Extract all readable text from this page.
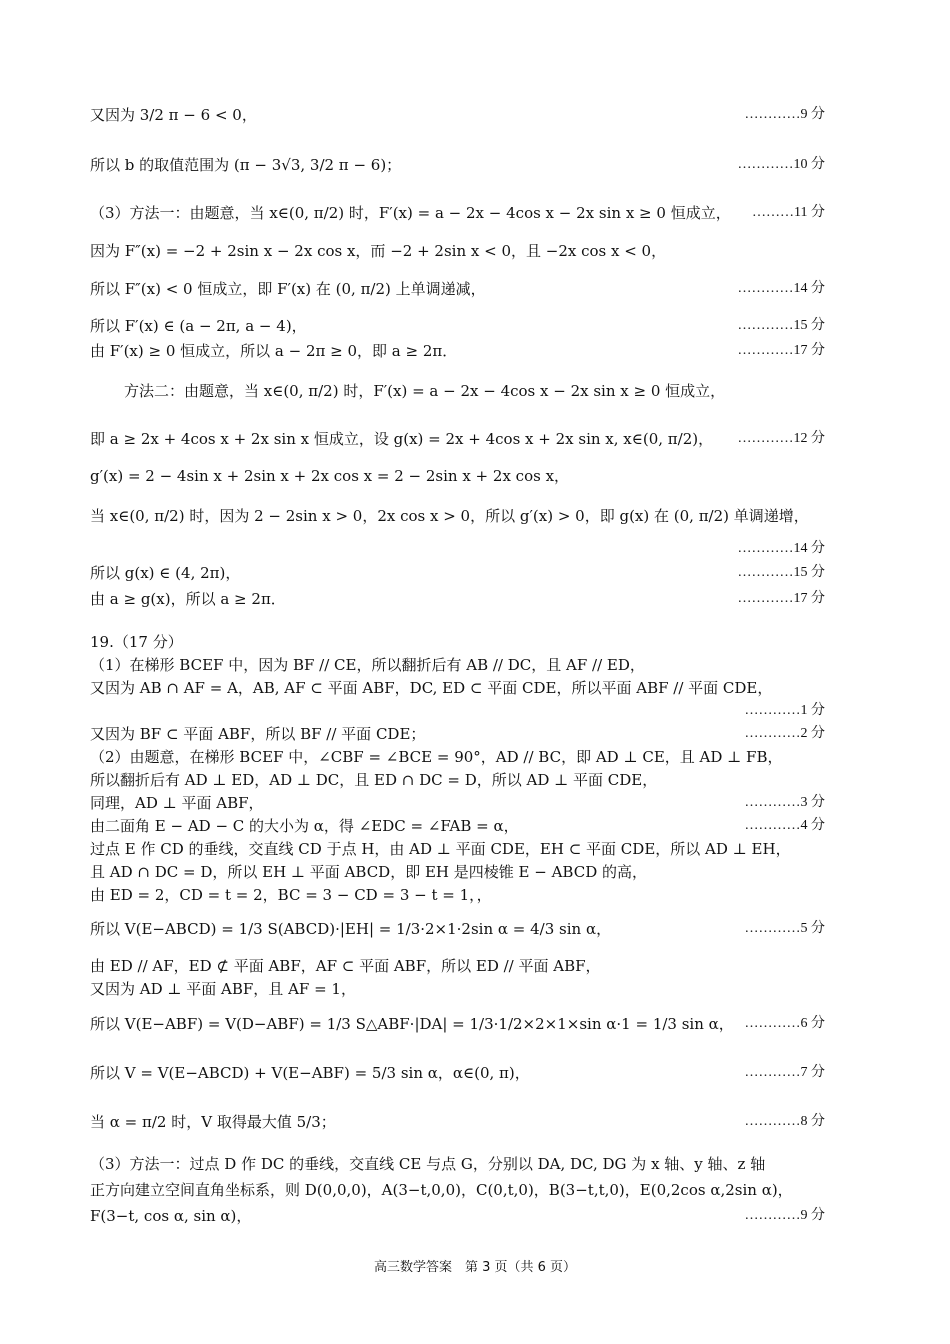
又因为 3/2 π − 6 < 0，	…………9 分
所以 b 的取值范围为 (π − 3√3, 3/2 π − 6)；	…………10 分
（3）方法一：由题意，当 x∈(0, π/2) 时，F′(x) = a − 2x − 4cos x − 2x sin x ≥ 0 恒成立， ………11 分
因为 F″(x) = −2 + 2sin x − 2x cos x，而 −2 + 2sin x < 0，且 −2x cos x < 0，
所以 F″(x) < 0 恒成立，即 F′(x) 在 (0, π/2) 上单调递减，	…………14 分
所以 F′(x) ∈ (a − 2π, a − 4)，	…………15 分
由 F′(x) ≥ 0 恒成立，所以 a − 2π ≥ 0，即 a ≥ 2π．	…………17 分
方法二：由题意，当 x∈(0, π/2) 时，F′(x) = a − 2x − 4cos x − 2x sin x ≥ 0 恒成立，
即 a ≥ 2x + 4cos x + 2x sin x 恒成立，设 g(x) = 2x + 4cos x + 2x sin x, x∈(0, π/2)， …………12 分
g′(x) = 2 − 4sin x + 2sin x + 2x cos x = 2 − 2sin x + 2x cos x，
当 x∈(0, π/2) 时，因为 2 − 2sin x > 0，2x cos x > 0，所以 g′(x) > 0，即 g(x) 在 (0, π/2) 单调递增，
…………14 分
所以 g(x) ∈ (4, 2π)，	…………15 分
由 a ≥ g(x)，所以 a ≥ 2π．	…………17 分
19.（17 分）
（1）在梯形 BCEF 中，因为 BF // CE，所以翻折后有 AB // DC，且 AF // ED，
又因为 AB ∩ AF = A，AB, AF ⊂ 平面 ABF，DC, ED ⊂ 平面 CDE，所以平面 ABF // 平面 CDE，
…………1 分
又因为 BF ⊂ 平面 ABF，所以 BF // 平面 CDE；	…………2 分
（2）由题意，在梯形 BCEF 中，∠CBF = ∠BCE = 90°，AD // BC，即 AD ⊥ CE，且 AD ⊥ FB，
所以翻折后有 AD ⊥ ED，AD ⊥ DC，且 ED ∩ DC = D，所以 AD ⊥ 平面 CDE，
同理，AD ⊥ 平面 ABF，	…………3 分
由二面角 E − AD − C 的大小为 α，得 ∠EDC = ∠FAB = α，	…………4 分
过点 E 作 CD 的垂线，交直线 CD 于点 H，由 AD ⊥ 平面 CDE，EH ⊂ 平面 CDE，所以 AD ⊥ EH，
且 AD ∩ DC = D，所以 EH ⊥ 平面 ABCD，即 EH 是四棱锥 E − ABCD 的高，
由 ED = 2，CD = t = 2，BC = 3 − CD = 3 − t = 1，，
所以 V(E−ABCD) = 1/3 S(ABCD)·|EH| = 1/3·2×1·2sin α = 4/3 sin α，	…………5 分
由 ED // AF，ED ⊄ 平面 ABF，AF ⊂ 平面 ABF，所以 ED // 平面 ABF，
又因为 AD ⊥ 平面 ABF，且 AF = 1，
所以 V(E−ABF) = V(D−ABF) = 1/3 S△ABF·|DA| = 1/3·1/2×2×1×sin α·1 = 1/3 sin α， …………6 分
所以 V = V(E−ABCD) + V(E−ABF) = 5/3 sin α，α∈(0, π)，	…………7 分
当 α = π/2 时，V 取得最大值 5/3；	…………8 分
（3）方法一：过点 D 作 DC 的垂线，交直线 CE 与点 G，分别以 DA, DC, DG 为 x 轴、y 轴、z 轴
正方向建立空间直角坐标系，则 D(0,0,0)，A(3−t,0,0)，C(0,t,0)，B(3−t,t,0)，E(0,2cos α,2sin α)，
F(3−t, cos α, sin α)，	…………9 分
高三数学答案　第 3 页（共 6 页）
